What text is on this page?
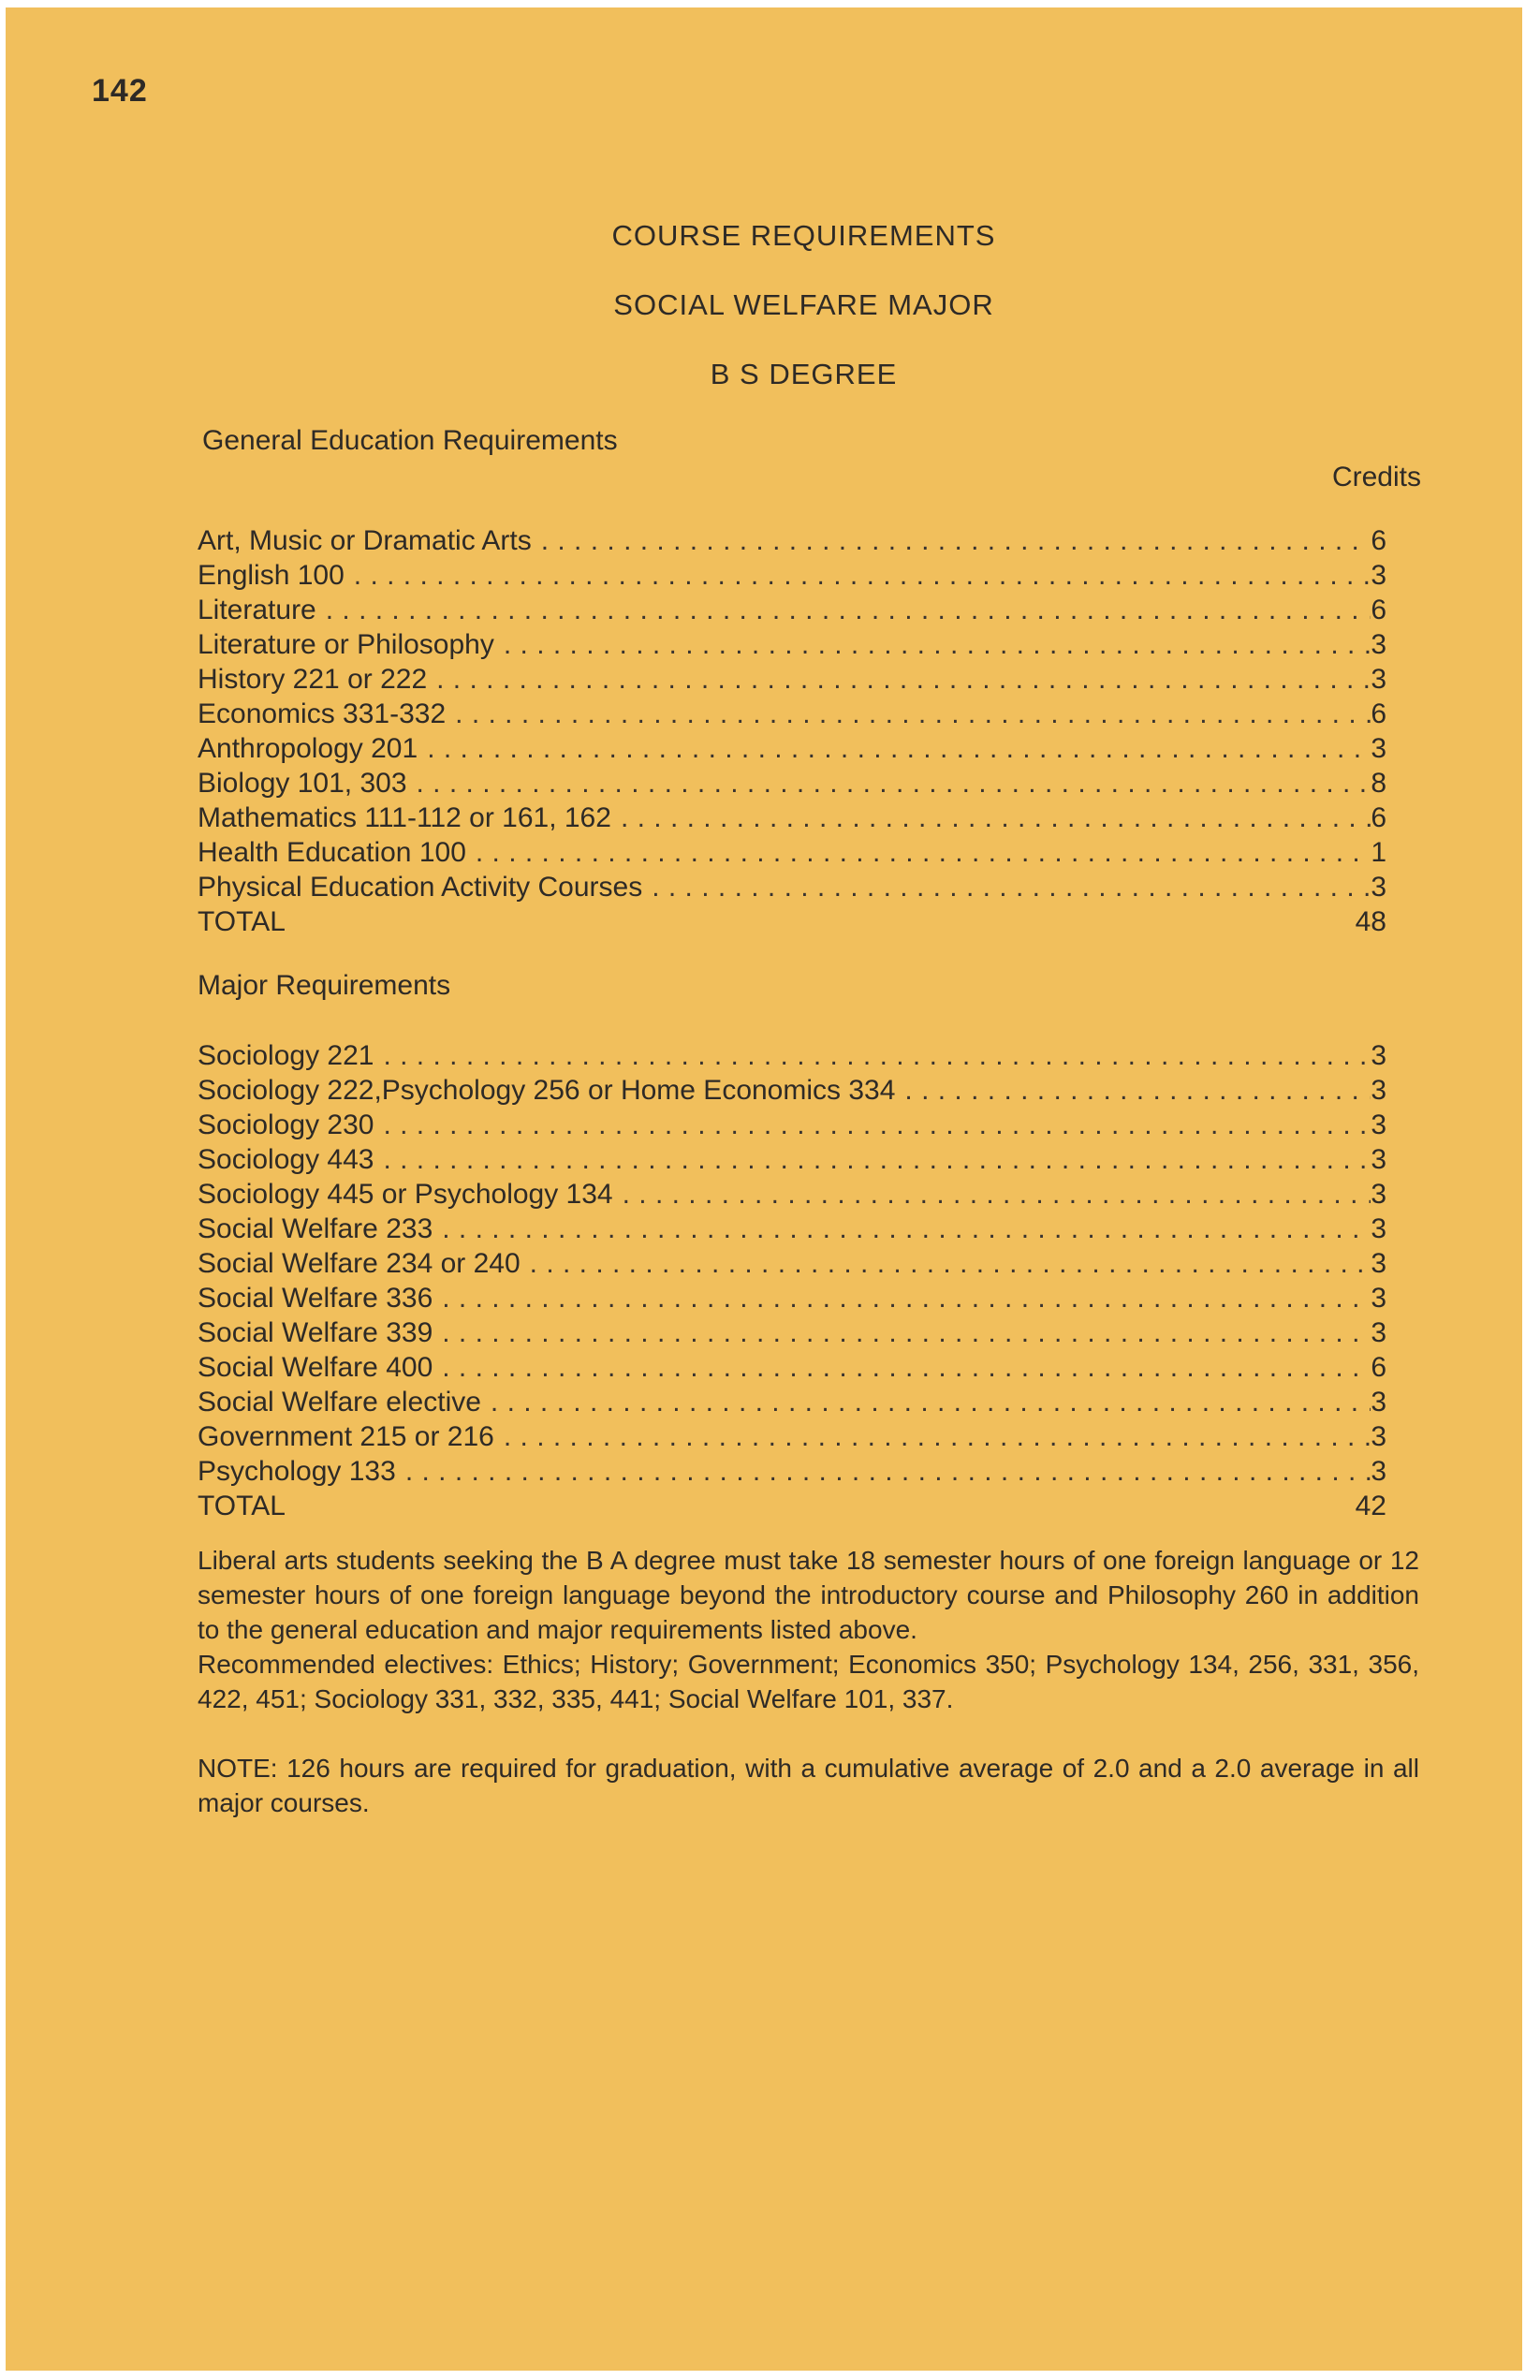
142

COURSE REQUIREMENTS
SOCIAL WELFARE MAJOR
B S DEGREE
General Education Requirements

Credits

Art, Music or Dramatic Arts . . .	6
English 100 . . .	3
Literature . . .	6
Literature or Philosophy . . .	3
History 221 or 222 . . .	3
Economics 331-332 . . .	6
Anthropology 201 . . .	3
Biology 101, 303 . . .	8
Mathematics 111-112 or 161, 162 . . .	6
Health Education 100 . . .	1
Physical Education Activity Courses . . .	3
TOTAL	48
Major Requirements
Sociology 221 . . .	3
Sociology 222,Psychology 256 or Home Economics 334 . . .	3
Sociology 230 . . .	3
Sociology 443 . . .	3
Sociology 445 or Psychology 134 . . .	3
Social Welfare 233 . . .	3
Social Welfare 234 or 240 . . .	3
Social Welfare 336 . . .	3
Social Welfare 339 . . .	3
Social Welfare 400 . . .	6
Social Welfare elective . . .	3
Government 215 or 216 . . .	3
Psychology 133 . . .	3
TOTAL	42

Liberal arts students seeking the B A degree must take 18 semester hours of one foreign language or 12 semester hours of one foreign language beyond the introductory course and Philosophy 260 in addition to the general education and major requirements listed above.

Recommended electives: Ethics; History; Government; Economics 350; Psychology 134, 256, 331, 356, 422, 451; Sociology 331, 332, 335, 441; Social Welfare 101, 337.

NOTE: 126 hours are required for graduation, with a cumulative average of 2.0 and a 2.0 average in all major courses.
